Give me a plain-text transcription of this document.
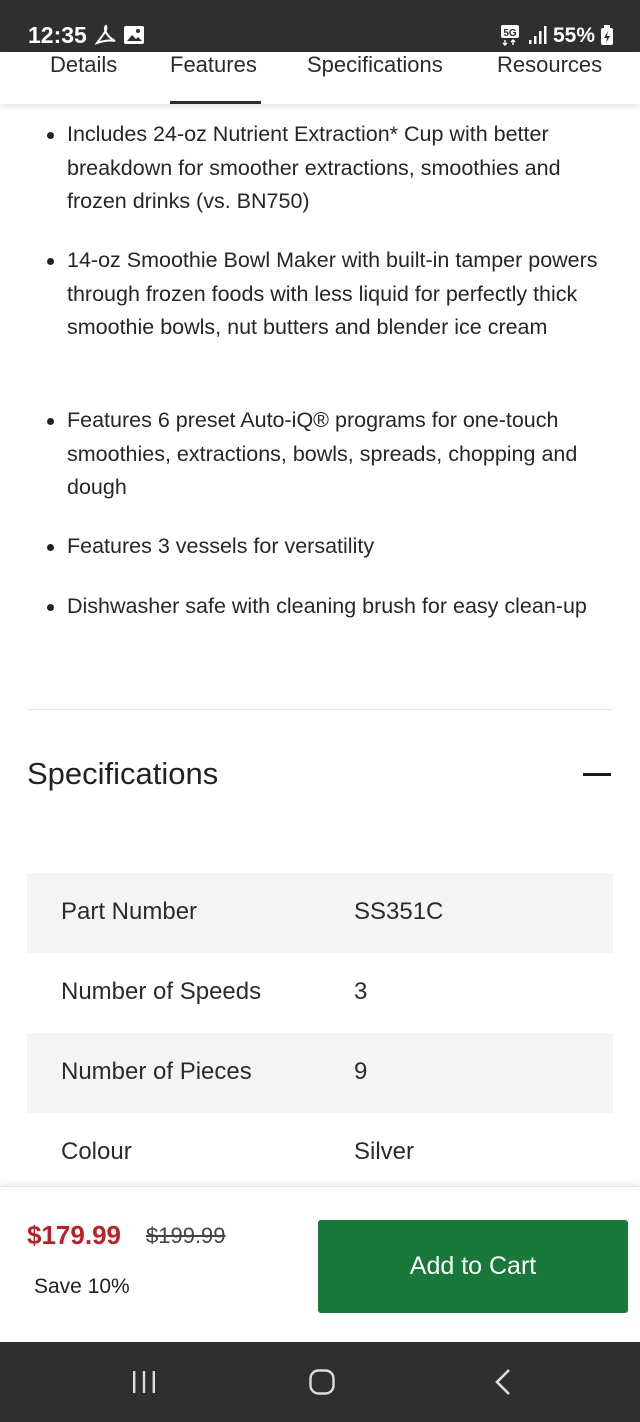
12:35	5G 55%
Details Features Specifications Resources
Includes 24-oz Nutrient Extraction* Cup with better breakdown for smoother extractions, smoothies and frozen drinks (vs. BN750)
14-oz Smoothie Bowl Maker with built-in tamper powers through frozen foods with less liquid for perfectly thick smoothie bowls, nut butters and blender ice cream
Features 6 preset Auto-iQ® programs for one-touch smoothies, extractions, bowls, spreads, chopping and dough
Features 3 vessels for versatility
Dishwasher safe with cleaning brush for easy clean-up
Specifications
Part Number	SS351C
Number of Speeds	3
Number of Pieces	9
Colour	Silver
$179.99 $199.99
Save 10%
Add to Cart
